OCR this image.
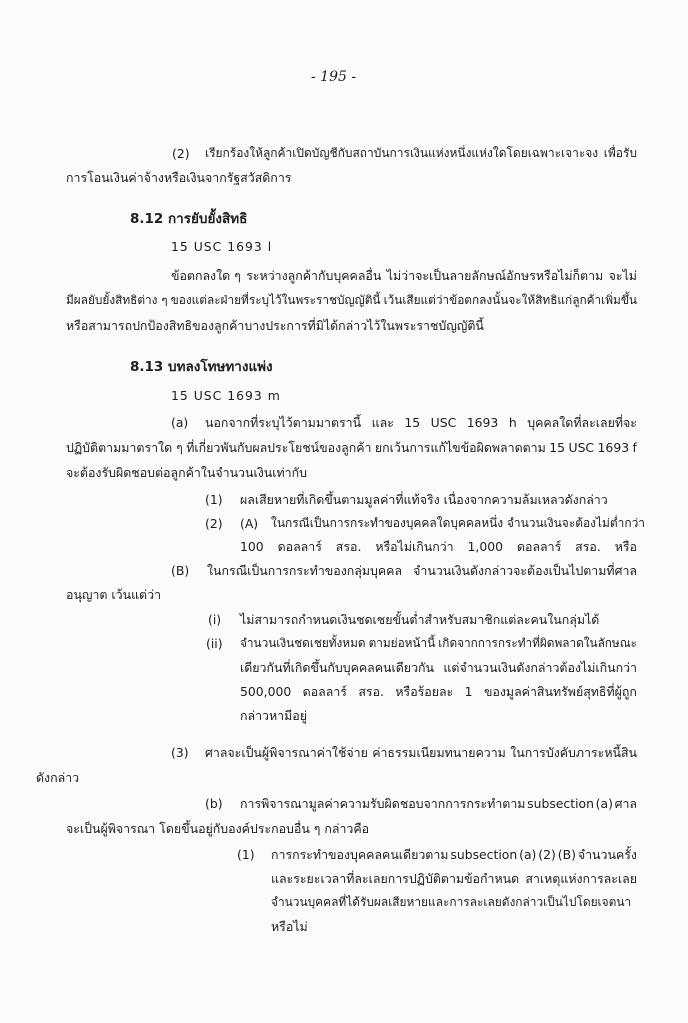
- 195 -
(2) เรียกร้องให้ลูกค้าเปิดบัญชีกับสถาบันการเงินแห่งหนึ่งแห่งใดโดยเฉพาะเจาะจง เพื่อรับ
การโอนเงินค่าจ้างหรือเงินจากรัฐสวัสดิการ
8.12 การยับยั้งสิทธิ
15 USC 1693 l
ข้อตกลงใด ๆ ระหว่างลูกค้ากับบุคคลอื่น ไม่ว่าจะเป็นลายลักษณ์อักษรหรือไม่ก็ตาม จะไม่
มีผลยับยั้งสิทธิต่าง ๆ ของแต่ละฝ่ายที่ระบุไว้ในพระราชบัญญัตินี้ เว้นเสียแต่ว่าข้อตกลงนั้นจะให้สิทธิแก่ลูกค้าเพิ่มขึ้น
หรือสามารถปกป้องสิทธิของลูกค้าบางประการที่มิได้กล่าวไว้ในพระราชบัญญัตินี้
8.13 บทลงโทษทางแพ่ง
15 USC 1693 m
(a) นอกจากที่ระบุไว้ตามมาตรานี้ และ 15 USC 1693 h บุคคลใดที่ละเลยที่จะ
ปฏิบัติตามมาตราใด ๆ ที่เกี่ยวพันกับผลประโยชน์ของลูกค้า ยกเว้นการแก้ไขข้อผิดพลาดตาม 15 USC 1693 f
จะต้องรับผิดชอบต่อลูกค้าในจำนวนเงินเท่ากับ
(1) ผลเสียหายที่เกิดขึ้นตามมูลค่าที่แท้จริง เนื่องจากความล้มเหลวดังกล่าว
(2) (A) ในกรณีเป็นการกระทำของบุคคลใดบุคคลหนึ่ง จำนวนเงินจะต้องไม่ต่ำกว่า
100 ดอลลาร์ สรอ. หรือไม่เกินกว่า 1,000 ดอลลาร์ สรอ. หรือ
(B) ในกรณีเป็นการกระทำของกลุ่มบุคคล จำนวนเงินดังกล่าวจะต้องเป็นไปตามที่ศาล
อนุญาต เว้นแต่ว่า
(i) ไม่สามารถกำหนดเงินชดเชยขั้นต่ำสำหรับสมาชิกแต่ละคนในกลุ่มได้
(ii) จำนวนเงินชดเชยทั้งหมด ตามย่อหน้านี้ เกิดจากการกระทำที่ผิดพลาดในลักษณะ
เดียวกันที่เกิดขึ้นกับบุคคลคนเดียวกัน แต่จำนวนเงินดังกล่าวต้องไม่เกินกว่า
500,000 ดอลลาร์ สรอ. หรือร้อยละ 1 ของมูลค่าสินทรัพย์สุทธิที่ผู้ถูก
กล่าวหามีอยู่
(3) ศาลจะเป็นผู้พิจารณาค่าใช้จ่าย ค่าธรรมเนียมทนายความ ในการบังคับภาระหนี้สิน
ดังกล่าว
(b) การพิจารณามูลค่าความรับผิดชอบจากการกระทำตาม subsection (a) ศาล
จะเป็นผู้พิจารณา โดยขึ้นอยู่กับองค์ประกอบอื่น ๆ กล่าวคือ
(1) การกระทำของบุคคลคนเดียวตาม subsection (a) (2) (B) จำนวนครั้ง
และระยะเวลาที่ละเลยการปฏิบัติตามข้อกำหนด สาเหตุแห่งการละเลย
จำนวนบุคคลที่ได้รับผลเสียหายและการละเลยดังกล่าวเป็นไปโดยเจตนา
หรือไม่
